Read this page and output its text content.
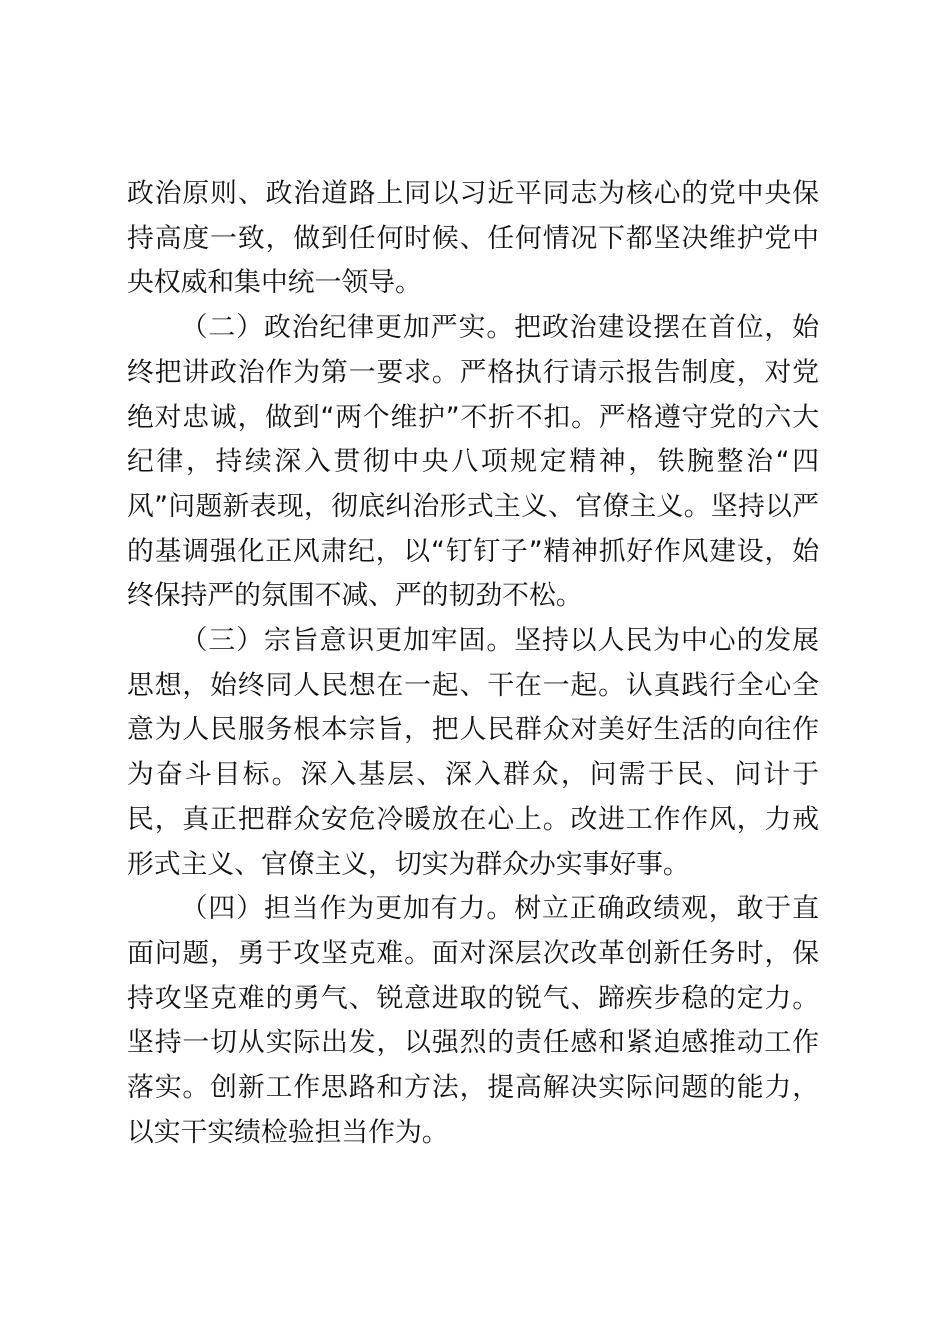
政治原则、政治道路上同以习近平同志为核心的党中央保持高度一致，做到任何时候、任何情况下都坚决维护党中央权威和集中统一领导。

（二）政治纪律更加严实。把政治建设摆在首位，始终把讲政治作为第一要求。严格执行请示报告制度，对党绝对忠诚，做到“两个维护”不折不扣。严格遵守党的六大纪律，持续深入贯彻中央八项规定精神，铁腕整治“四风”问题新表现，彻底纠治形式主义、官僚主义。坚持以严的基调强化正风肃纪，以“钉钉子”精神抓好作风建设，始终保持严的氛围不减、严的韧劲不松。

（三）宗旨意识更加牢固。坚持以人民为中心的发展思想，始终同人民想在一起、干在一起。认真践行全心全意为人民服务根本宗旨，把人民群众对美好生活的向往作为奋斗目标。深入基层、深入群众，问需于民、问计于民，真正把群众安危冷暖放在心上。改进工作作风，力戒形式主义、官僚主义，切实为群众办实事好事。

（四）担当作为更加有力。树立正确政绩观，敢于直面问题，勇于攻坚克难。面对深层次改革创新任务时，保持攻坚克难的勇气、锐意进取的锐气、蹄疾步稳的定力。坚持一切从实际出发，以强烈的责任感和紧迫感推动工作落实。创新工作思路和方法，提高解决实际问题的能力，以实干实绩检验担当作为。
